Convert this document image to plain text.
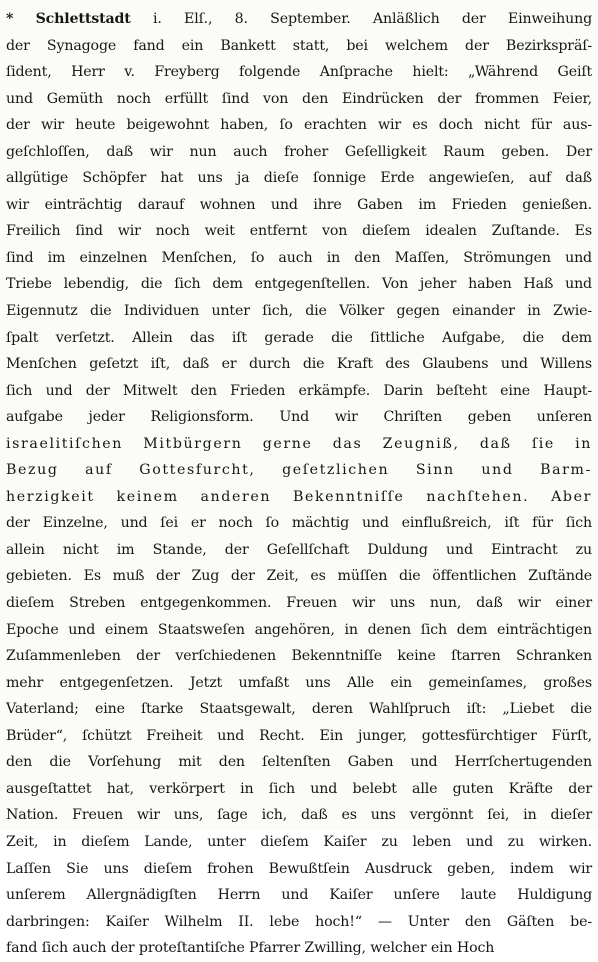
* Schlettstadt i. Elſ., 8. September. Anläßlich der Einweihung
der Synagoge fand ein Bankett statt, bei welchem der Bezirkspräſ-
ſident, Herr v. Freyberg folgende Anſprache hielt: „Während Geiſt
und Gemüth noch erfüllt ſind von den Eindrücken der frommen Feier,
der wir heute beigewohnt haben, ſo erachten wir es doch nicht für aus-
geſchloſſen, daß wir nun auch froher Geſelligkeit Raum geben. Der
allgütige Schöpfer hat uns ja dieſe ſonnige Erde angewieſen, auf daß
wir einträchtig darauf wohnen und ihre Gaben im Frieden genießen.
Freilich ſind wir noch weit entfernt von dieſem idealen Zuſtande. Es
ſind im einzelnen Menſchen, ſo auch in den Maſſen, Strömungen und
Triebe lebendig, die ſich dem entgegenſtellen. Von jeher haben Haß und
Eigennutz die Individuen unter ſich, die Völker gegen einander in Zwie-
ſpalt verſetzt. Allein das iſt gerade die ſittliche Aufgabe, die dem
Menſchen geſetzt iſt, daß er durch die Kraft des Glaubens und Willens
ſich und der Mitwelt den Frieden erkämpfe. Darin beſteht eine Haupt-
aufgabe jeder Religionsform. Und wir Chriſten geben unſeren
israelitiſchen Mitbürgern gerne das Zeugniß, daß ſie in
Bezug auf Gottesfurcht, geſetzlichen Sinn und Barm-
herzigkeit keinem anderen Bekenntniſſe nachſtehen. Aber
der Einzelne, und ſei er noch ſo mächtig und einflußreich, iſt für ſich
allein nicht im Stande, der Geſellſchaft Duldung und Eintracht zu
gebieten. Es muß der Zug der Zeit, es müſſen die öffentlichen Zuſtände
dieſem Streben entgegenkommen. Freuen wir uns nun, daß wir einer
Epoche und einem Staatsweſen angehören, in denen ſich dem einträchtigen
Zuſammenleben der verſchiedenen Bekenntniſſe keine ſtarren Schranken
mehr entgegenſetzen. Jetzt umfaßt uns Alle ein gemeinſames, großes
Vaterland; eine ſtarke Staatsgewalt, deren Wahlſpruch iſt: „Liebet die
Brüder“, ſchützt Freiheit und Recht. Ein junger, gottesfürchtiger Fürſt,
den die Vorſehung mit den ſeltenſten Gaben und Herrſchertugenden
ausgeſtattet hat, verkörpert in ſich und belebt alle guten Kräfte der
Nation. Freuen wir uns, ſage ich, daß es uns vergönnt ſei, in dieſer
Zeit, in dieſem Lande, unter dieſem Kaiſer zu leben und zu wirken.
Laſſen Sie uns dieſem frohen Bewußtſein Ausdruck geben, indem wir
unſerem Allergnädigſten Herrn und Kaiſer unſere laute Huldigung
darbringen: Kaiſer Wilhelm II. lebe hoch!“ — Unter den Gäſten be-
fand ſich auch der proteſtantiſche Pfarrer Zwilling, welcher ein Hoch
